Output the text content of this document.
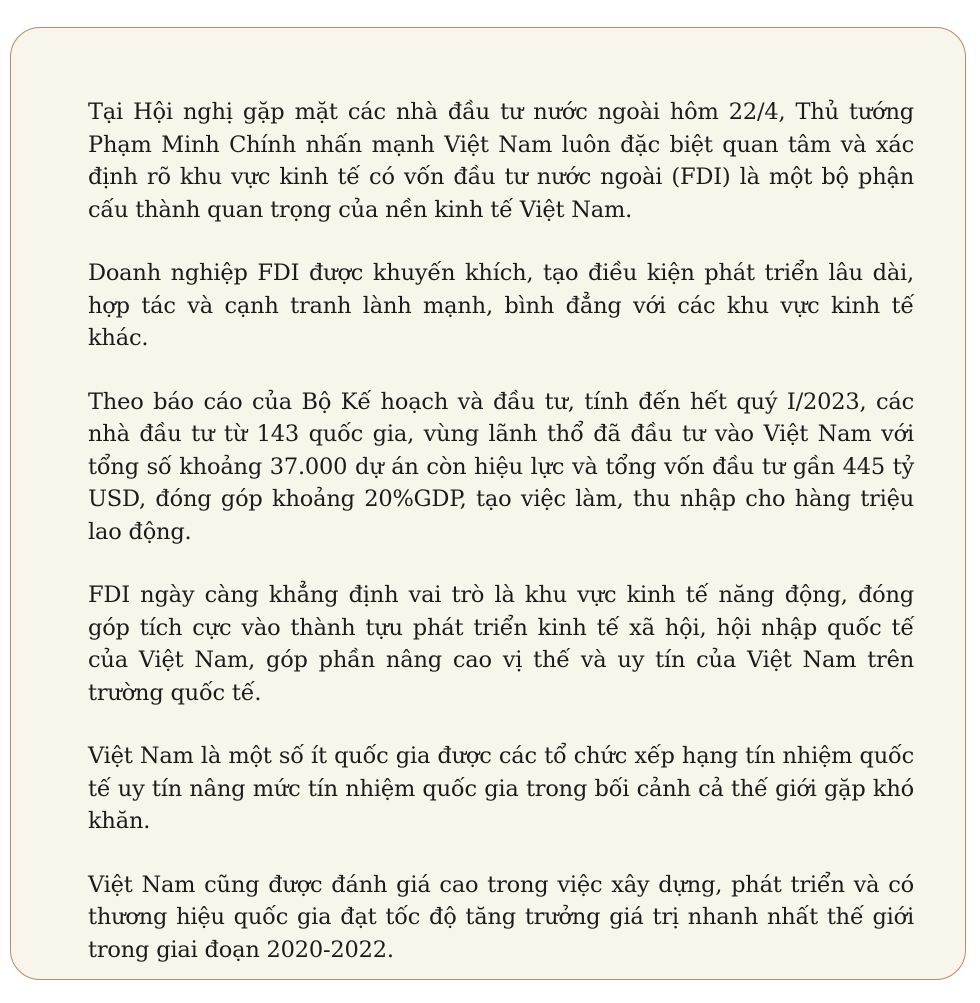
Tại Hội nghị gặp mặt các nhà đầu tư nước ngoài hôm 22/4, Thủ tướng Phạm Minh Chính nhấn mạnh Việt Nam luôn đặc biệt quan tâm và xác định rõ khu vực kinh tế có vốn đầu tư nước ngoài (FDI) là một bộ phận cấu thành quan trọng của nền kinh tế Việt Nam.

Doanh nghiệp FDI được khuyến khích, tạo điều kiện phát triển lâu dài, hợp tác và cạnh tranh lành mạnh, bình đẳng với các khu vực kinh tế khác.

Theo báo cáo của Bộ Kế hoạch và đầu tư, tính đến hết quý I/2023, các nhà đầu tư từ 143 quốc gia, vùng lãnh thổ đã đầu tư vào Việt Nam với tổng số khoảng 37.000 dự án còn hiệu lực và tổng vốn đầu tư gần 445 tỷ USD, đóng góp khoảng 20%GDP, tạo việc làm, thu nhập cho hàng triệu lao động.

FDI ngày càng khẳng định vai trò là khu vực kinh tế năng động, đóng góp tích cực vào thành tựu phát triển kinh tế xã hội, hội nhập quốc tế của Việt Nam, góp phần nâng cao vị thế và uy tín của Việt Nam trên trường quốc tế.

Việt Nam là một số ít quốc gia được các tổ chức xếp hạng tín nhiệm quốc tế uy tín nâng mức tín nhiệm quốc gia trong bối cảnh cả thế giới gặp khó khăn.

Việt Nam cũng được đánh giá cao trong việc xây dựng, phát triển và có thương hiệu quốc gia đạt tốc độ tăng trưởng giá trị nhanh nhất thế giới trong giai đoạn 2020-2022.
